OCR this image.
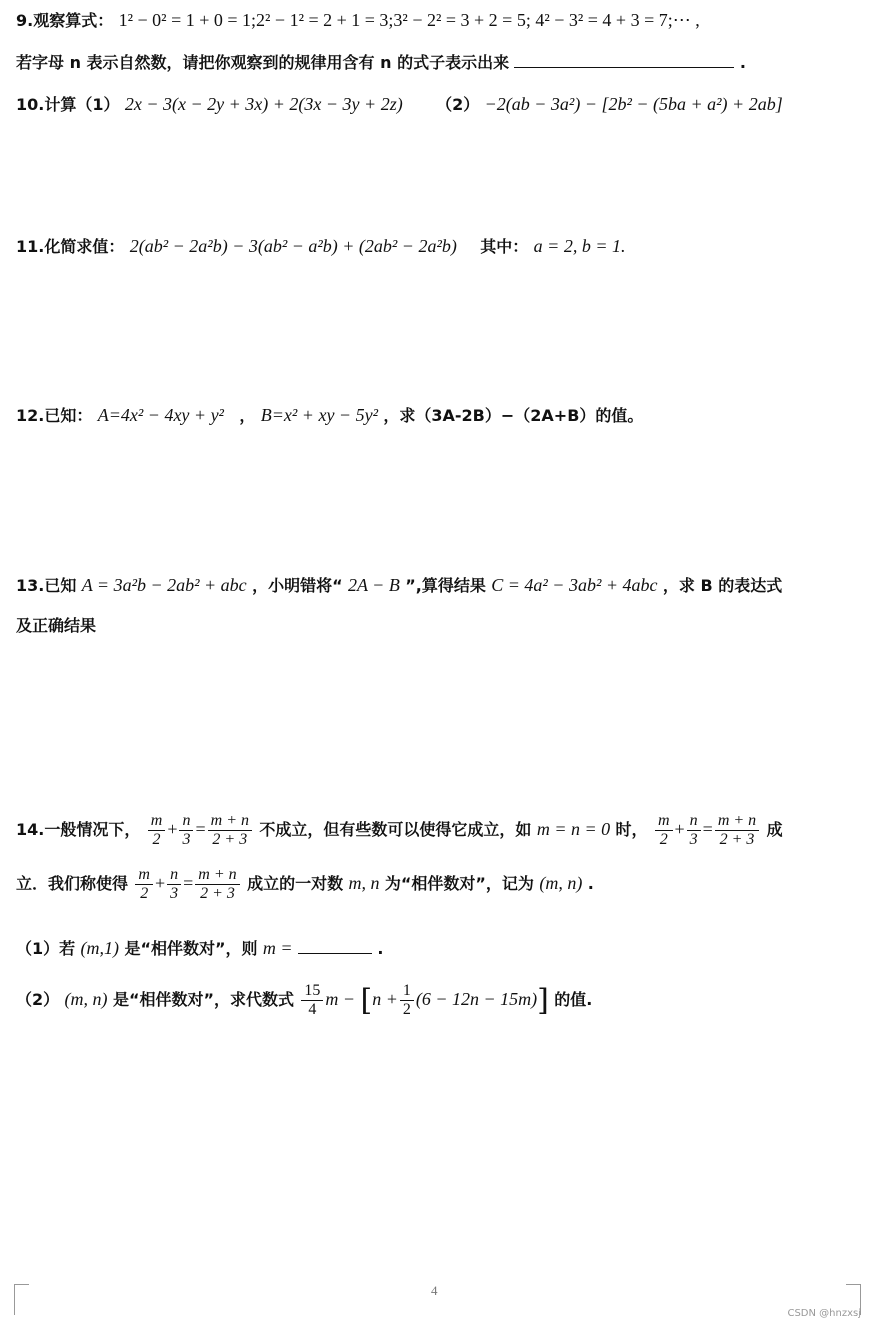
9.观察算式： 1² − 0² = 1 + 0 = 1;2² − 1² = 2 + 1 = 3;3² − 2² = 3 + 2 = 5; 4² − 3² = 4 + 3 = 7;⋯ ,
若字母 n 表示自然数，请把你观察到的规律用含有 n 的式子表示出来	.
10.计算（1） 2x − 3(x − 2y + 3x) + 2(3x − 3y + 2z) （2） −2(ab − 3a²) − [2b² − (5ba + a²) + 2ab]
11.化简求值： 2(ab² − 2a²b) − 3(ab² − a²b) + (2ab² − 2a²b) 其中： a = 2, b = 1.
12.已知： A=4x² − 4xy + y² ， B=x² + xy − 5y² ，求（3A-2B）−（2A+B）的值。
13.已知 A = 3a²b − 2ab² + abc ，小明错将“ 2A − B ”,算得结果 C = 4a² − 3ab² + 4abc ，求 B 的表达式
及正确结果
14.一般情况下， $\frac{m}{2} + \frac{n}{3} = \frac{m + n}{2 + 3}$ 不成立，但有些数可以使得它成立，如 m = n = 0 时， $\frac{m}{2} + \frac{n}{3} = \frac{m + n}{2 + 3}$ 成
立．我们称使得 $\frac{m}{2} + \frac{n}{3} = \frac{m + n}{2 + 3}$ 成立的一对数 m, n 为“相伴数对”，记为 (m, n) .
（1）若 (m,1) 是“相伴数对”，则 m =	.
（2） (m, n) 是“相伴数对”，求代数式 $\frac{15}{4}$ $m - [n + \frac{1}{2} (6 - 12n - 15m)]$ 的值.
4
CSDN @hnzxsj
